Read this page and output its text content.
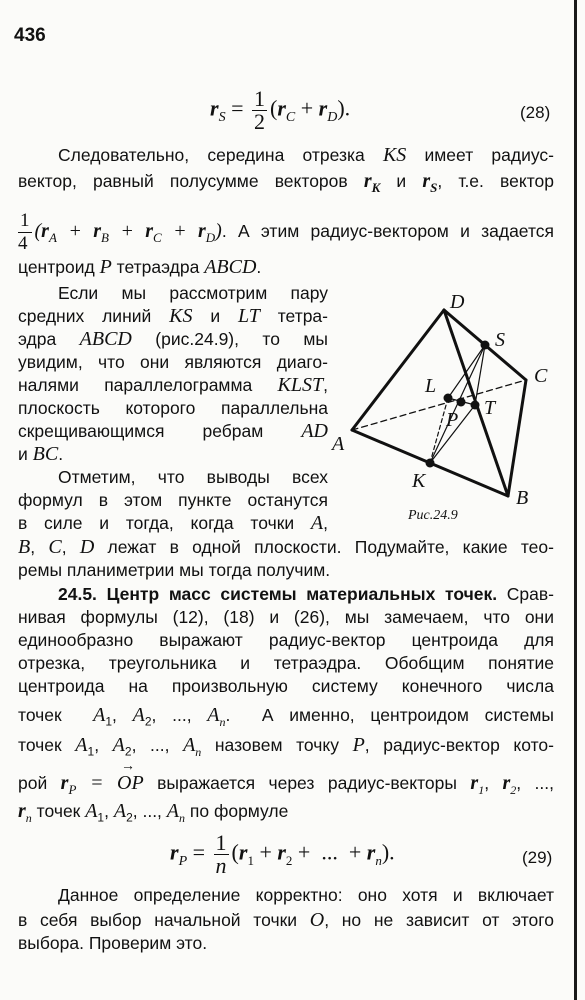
436
$r_S = \frac{1}{2} (r_C + r_D)$.	(28)
Следовательно, середина отрезка KS имеет радиус-
вектор, равный полусумме векторов $r_K$ и $r_S$, т.е. вектор
$\frac{1}{4} (r_A + r_B + r_C + r_D)$. А этим радиус-вектором и задается
центроид P тетраэдра ABCD.
Если мы рассмотрим пару
средних линий KS и LT тетра-
эдра ABCD (рис.24.9), то мы
увидим, что они являются диаго-
налями параллелограмма KLST,
плоскость которого параллельна
скрещивающимся ребрам AD
и BC.
Отметим, что выводы всех
формул в этом пункте останутся
в силе и тогда, когда точки A,
B, C, D лежат в одной плоскости. Подумайте, какие тео-
ремы планиметрии мы тогда получим.
24.5. Центр масс системы материальных точек. Срав-
нивая формулы (12), (18) и (26), мы замечаем, что они
единообразно выражают радиус-вектор центроида для
отрезка, треугольника и тетраэдра. Обобщим понятие
центроида на произвольную систему конечного числа
точек  $A_1$, $A_2$, ..., $A_n$.  А именно, центроидом системы
точек $A_1$, $A_2$, ..., $A_n$ назовем точку P, радиус-вектор кото-
рой $r_P$ = OP
→
выражается через радиус-векторы $r_1$, $r_2$, ...,
$r_n$ точек $A_1$, $A_2$, ..., $A_n$ по формуле
$r_P = \frac{1}{n} (r_1 + r_2$ +  ...  + $r_n$).	(29)
Данное определение корректно: оно хотя и включает
в себя выбор начальной точки O, но не зависит от этого
выбора. Проверим это.
A
B
C
D
K
L
P
S
T
Рис.24.9
